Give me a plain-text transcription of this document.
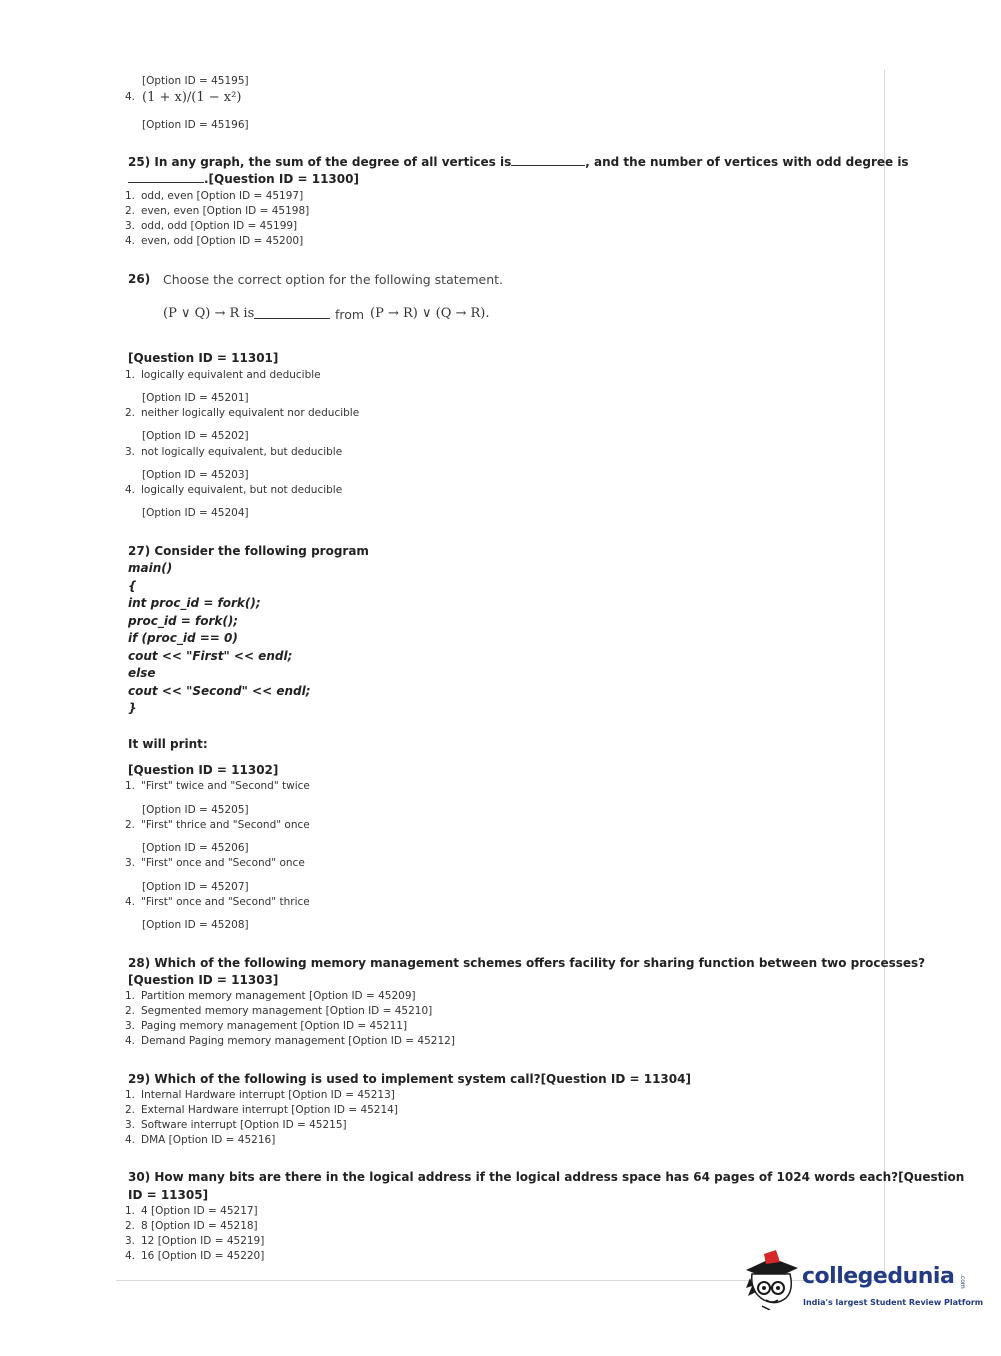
[Option ID = 45195]
4. (1 + x)/(1 − x²)
[Option ID = 45196]
25) In any graph, the sum of the degree of all vertices is	, and the number of vertices with odd degree is
.[Question ID = 11300]
1. odd, even [Option ID = 45197]
2. even, even [Option ID = 45198]
3. odd, odd [Option ID = 45199]
4. even, odd [Option ID = 45200]
26) Choose the correct option for the following statement.
(P ∨ Q) → R is	from (P → R) ∨ (Q → R).
[Question ID = 11301]
1. logically equivalent and deducible
[Option ID = 45201]
2. neither logically equivalent nor deducible
[Option ID = 45202]
3. not logically equivalent, but deducible
[Option ID = 45203]
4. logically equivalent, but not deducible
[Option ID = 45204]
27) Consider the following program
main()
{
int proc_id = fork();
proc_id = fork();
if (proc_id == 0)
cout << "First" << endl;
else
cout << "Second" << endl;
}
It will print:
[Question ID = 11302]
1. "First" twice and "Second" twice
[Option ID = 45205]
2. "First" thrice and "Second" once
[Option ID = 45206]
3. "First" once and "Second" once
[Option ID = 45207]
4. "First" once and "Second" thrice
[Option ID = 45208]
28) Which of the following memory management schemes offers facility for sharing function between two processes?
[Question ID = 11303]
1. Partition memory management [Option ID = 45209]
2. Segmented memory management [Option ID = 45210]
3. Paging memory management [Option ID = 45211]
4. Demand Paging memory management [Option ID = 45212]
29) Which of the following is used to implement system call?[Question ID = 11304]
1. Internal Hardware interrupt [Option ID = 45213]
2. External Hardware interrupt [Option ID = 45214]
3. Software interrupt [Option ID = 45215]
4. DMA [Option ID = 45216]
30) How many bits are there in the logical address if the logical address space has 64 pages of 1024 words each?[Question
ID = 11305]
1. 4 [Option ID = 45217]
2. 8 [Option ID = 45218]
3. 12 [Option ID = 45219]
4. 16 [Option ID = 45220]
collegedunia .com
India's largest Student Review Platform
